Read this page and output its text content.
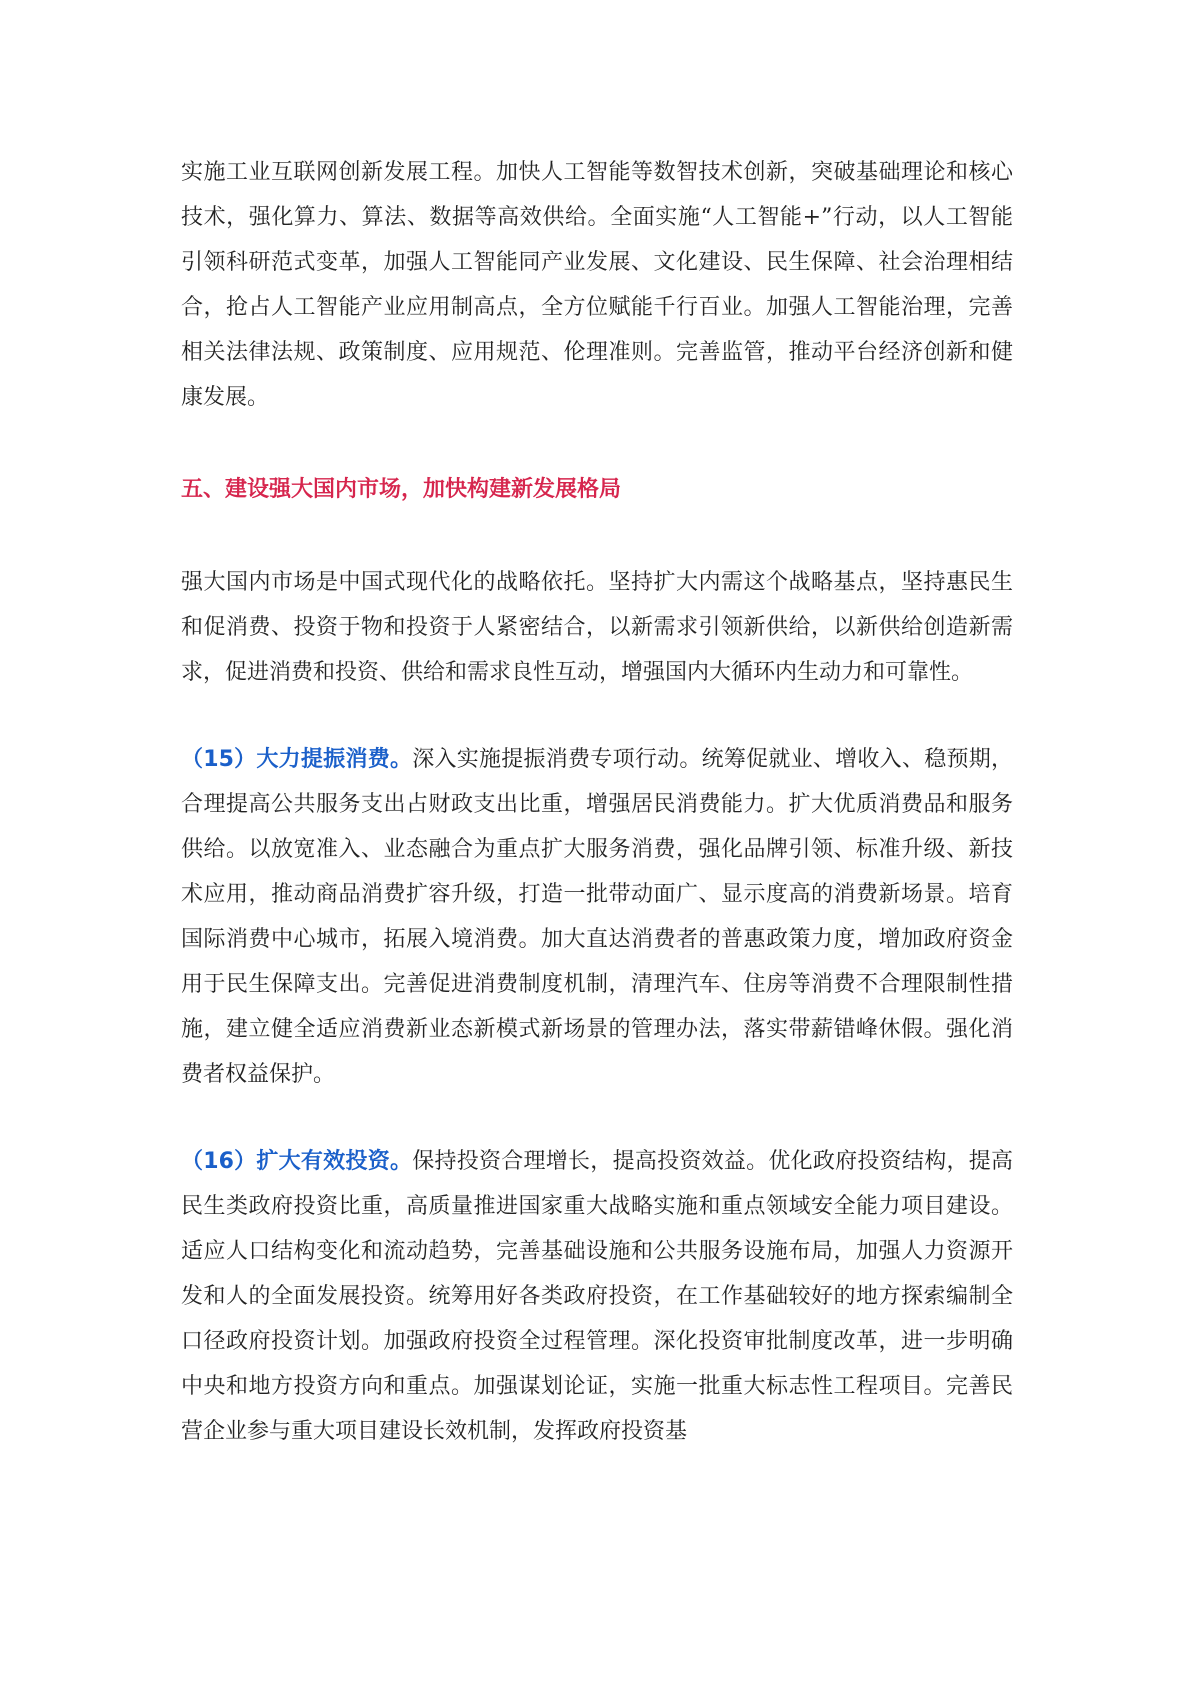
实施工业互联网创新发展工程。加快人工智能等数智技术创新，突破基础理论和核心技术，强化算力、算法、数据等高效供给。全面实施“人工智能+”行动，以人工智能引领科研范式变革，加强人工智能同产业发展、文化建设、民生保障、社会治理相结合，抢占人工智能产业应用制高点，全方位赋能千行百业。加强人工智能治理，完善相关法律法规、政策制度、应用规范、伦理准则。完善监管，推动平台经济创新和健康发展。

五、建设强大国内市场，加快构建新发展格局

强大国内市场是中国式现代化的战略依托。坚持扩大内需这个战略基点，坚持惠民生和促消费、投资于物和投资于人紧密结合，以新需求引领新供给，以新供给创造新需求，促进消费和投资、供给和需求良性互动，增强国内大循环内生动力和可靠性。

（15）大力提振消费。深入实施提振消费专项行动。统筹促就业、增收入、稳预期，合理提高公共服务支出占财政支出比重，增强居民消费能力。扩大优质消费品和服务供给。以放宽准入、业态融合为重点扩大服务消费，强化品牌引领、标准升级、新技术应用，推动商品消费扩容升级，打造一批带动面广、显示度高的消费新场景。培育国际消费中心城市，拓展入境消费。加大直达消费者的普惠政策力度，增加政府资金用于民生保障支出。完善促进消费制度机制，清理汽车、住房等消费不合理限制性措施，建立健全适应消费新业态新模式新场景的管理办法，落实带薪错峰休假。强化消费者权益保护。

（16）扩大有效投资。保持投资合理增长，提高投资效益。优化政府投资结构，提高民生类政府投资比重，高质量推进国家重大战略实施和重点领域安全能力项目建设。适应人口结构变化和流动趋势，完善基础设施和公共服务设施布局，加强人力资源开发和人的全面发展投资。统筹用好各类政府投资，在工作基础较好的地方探索编制全口径政府投资计划。加强政府投资全过程管理。深化投资审批制度改革，进一步明确中央和地方投资方向和重点。加强谋划论证，实施一批重大标志性工程项目。完善民营企业参与重大项目建设长效机制，发挥政府投资基
